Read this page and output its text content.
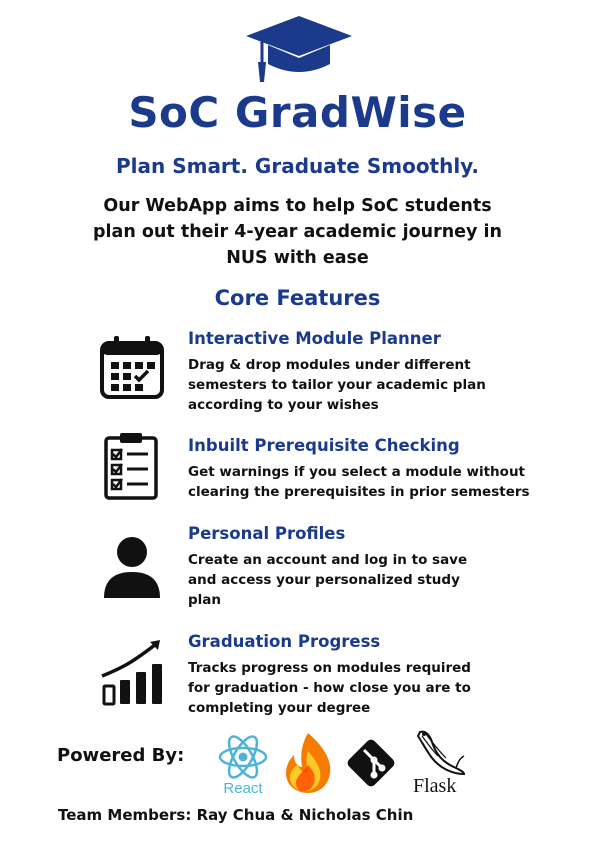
SoC GradWise
Plan Smart. Graduate Smoothly.
Our WebApp aims to help SoC students
plan out their 4-year academic journey in
NUS with ease
Core Features
Interactive Module Planner
Drag & drop modules under different
semesters to tailor your academic plan
according to your wishes
Inbuilt Prerequisite Checking
Get warnings if you select a module without
clearing the prerequisites in prior semesters
Personal Profiles
Create an account and log in to save
and access your personalized study
plan
Graduation Progress
Tracks progress on modules required
for graduation - how close you are to
completing your degree
Powered By:
React	Flask
Team Members: Ray Chua & Nicholas Chin
